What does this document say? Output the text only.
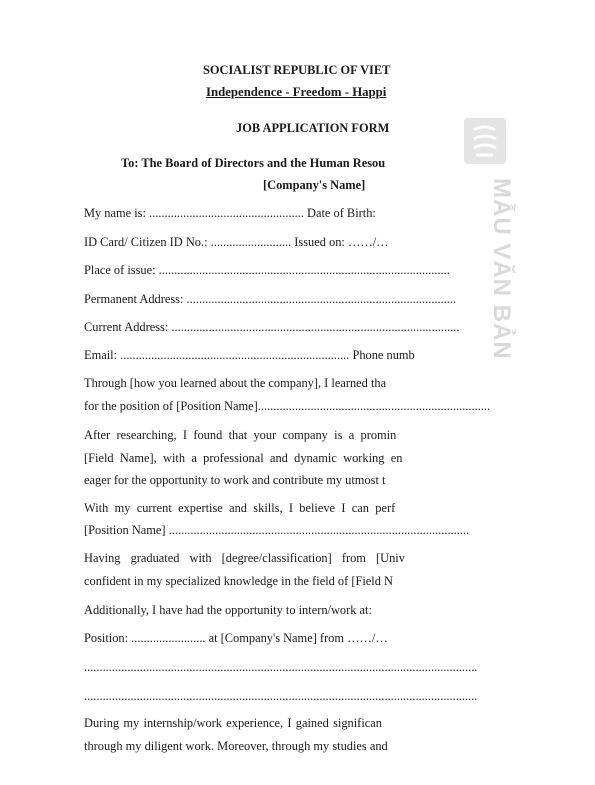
SOCIALIST REPUBLIC OF VIET
Independence - Freedom - Happi
JOB APPLICATION FORM
To: The Board of Directors and the Human Resou
[Company's Name]
My name is: .................................................. Date of Birth:
ID Card/ Citizen ID No.: .......................... Issued on: ……/…
Place of issue: ..............................................................................................
Permanent Address: .......................................................................................
Current Address: .............................................................................................
Email: .......................................................................... Phone numb
Through [how you learned about the company], I learned tha
for the position of [Position Name]...........................................................................
After researching, I found that your company is a promin
[Field Name], with a professional and dynamic working en
eager for the opportunity to work and contribute my utmost t
With my current expertise and skills, I believe I can perf
[Position Name] .................................................................................................
Having graduated with [degree/classification] from [Univ
confident in my specialized knowledge in the field of [Field N
Additionally, I have had the opportunity to intern/work at:
Position: ........................ at [Company's Name] from ……/…
...............................................................................................................................
...............................................................................................................................
During my internship/work experience, I gained significan
through my diligent work. Moreover, through my studies and
MẪU VĂN BẢN
